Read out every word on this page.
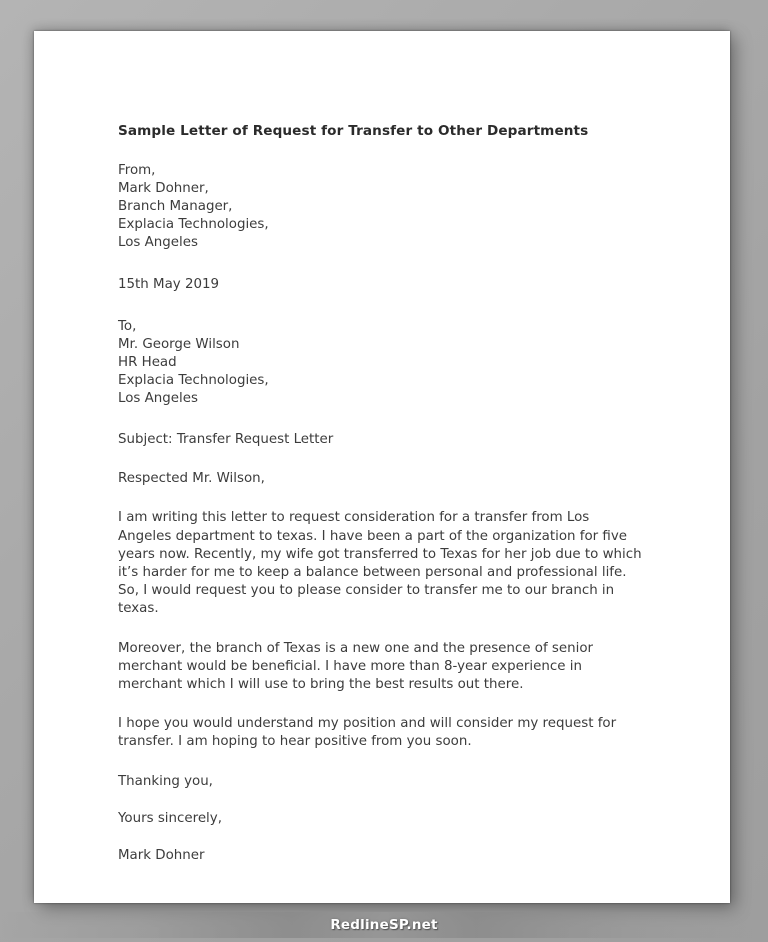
Sample Letter of Request for Transfer to Other Departments
From,
Mark Dohner,
Branch Manager,
Explacia Technologies,
Los Angeles
15th May 2019
To,
Mr. George Wilson
HR Head
Explacia Technologies,
Los Angeles

Subject: Transfer Request Letter

Respected Mr. Wilson,

I am writing this letter to request consideration for a transfer from Los Angeles department to texas. I have been a part of the organization for five years now. Recently, my wife got transferred to Texas for her job due to which it’s harder for me to keep a balance between personal and professional life. So, I would request you to please consider to transfer me to our branch in texas.

Moreover, the branch of Texas is a new one and the presence of senior merchant would be beneficial. I have more than 8-year experience in merchant which I will use to bring the best results out there.

I hope you would understand my position and will consider my request for transfer. I am hoping to hear positive from you soon.

Thanking you,

Yours sincerely,

Mark Dohner

RedlineSP.net
